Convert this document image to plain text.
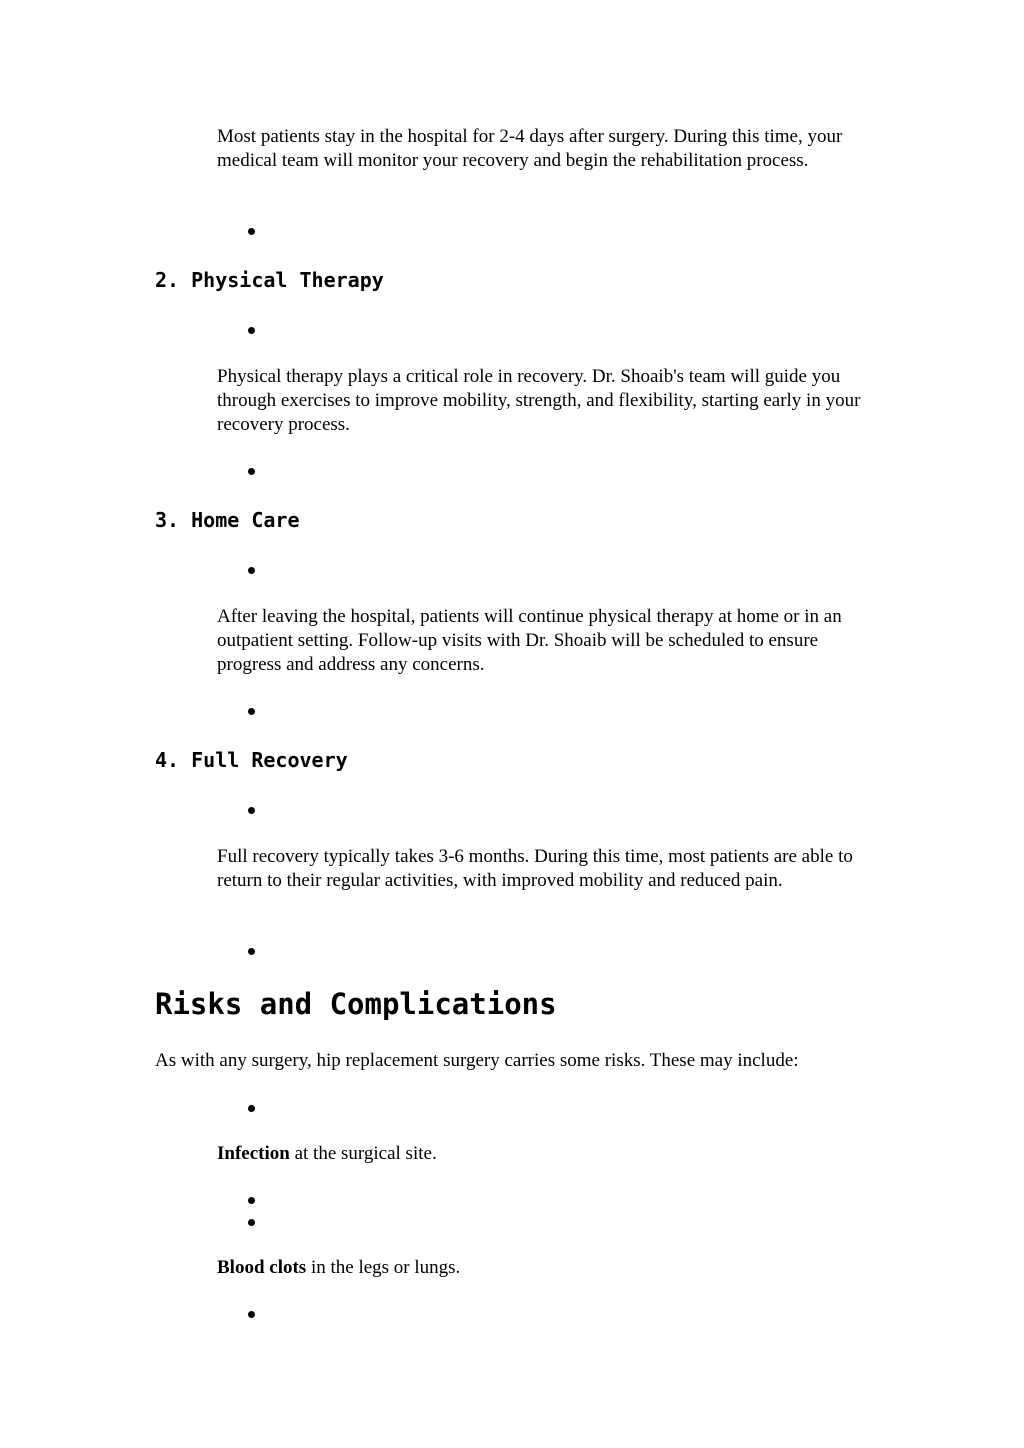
Most patients stay in the hospital for 2-4 days after surgery. During this time, your medical team will monitor your recovery and begin the rehabilitation process.

2. Physical Therapy

Physical therapy plays a critical role in recovery. Dr. Shoaib's team will guide you through exercises to improve mobility, strength, and flexibility, starting early in your recovery process.

3. Home Care

After leaving the hospital, patients will continue physical therapy at home or in an outpatient setting. Follow-up visits with Dr. Shoaib will be scheduled to ensure progress and address any concerns.

4. Full Recovery

Full recovery typically takes 3-6 months. During this time, most patients are able to return to their regular activities, with improved mobility and reduced pain.

Risks and Complications

As with any surgery, hip replacement surgery carries some risks. These may include:

Infection at the surgical site.

Blood clots in the legs or lungs.
